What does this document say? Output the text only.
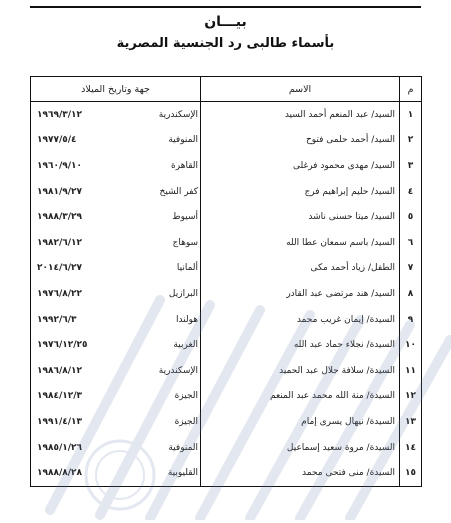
بيـــان
بأسماء طالبى رد الجنسية المصرية
م	الاسم	جهة وتاريخ الميلاد	
١	السيد/ عبد المنعم أحمد السيد	الإسكندرية	١٩٦٩/٣/١٢
٢	السيد/ أحمد حلمى فتوح	المنوفية	١٩٧٧/٥/٤
٣	السيد/ مهدى محمود فرغلى	القاهرة	١٩٦٠/٩/١٠
٤	السيد/ حليم إبراهيم فرج	كفر الشيخ	١٩٨١/٩/٢٧
٥	السيد/ ميتا حسنى ناشد	أسيوط	١٩٨٨/٣/٢٩
٦	السيد/ باسم سمعان عطا الله	سوهاج	١٩٨٢/٦/١٢
٧	الطفل/ زياد أحمد مكى	ألمانيا	٢٠١٤/٦/٢٧
٨	السيد/ هند مرتضى عبد القادر	البرازيل	١٩٧٦/٨/٢٢
٩	السيدة/ إيمان غريب محمد	هولندا	١٩٩٢/٦/٣
١٠	السيدة/ نجلاء حماد عبد الله	الغربية	١٩٧٦/١٢/٢٥
١١	السيدة/ سلافة جلال عبد الحميد	الإسكندرية	١٩٨٦/٨/١٢
١٢	السيدة/ منة الله محمد عبد المنعم	الجيزة	١٩٨٤/١٢/٣
١٣	السيدة/ نيهال يسرى إمام	الجيزة	١٩٩١/٤/١٣
١٤	السيدة/ مروة سعيد إسماعيل	المنوفية	١٩٨٥/١/٢٦
١٥	السيدة/ منى فتحى محمد	القليوبية	١٩٨٨/٨/٢٨
